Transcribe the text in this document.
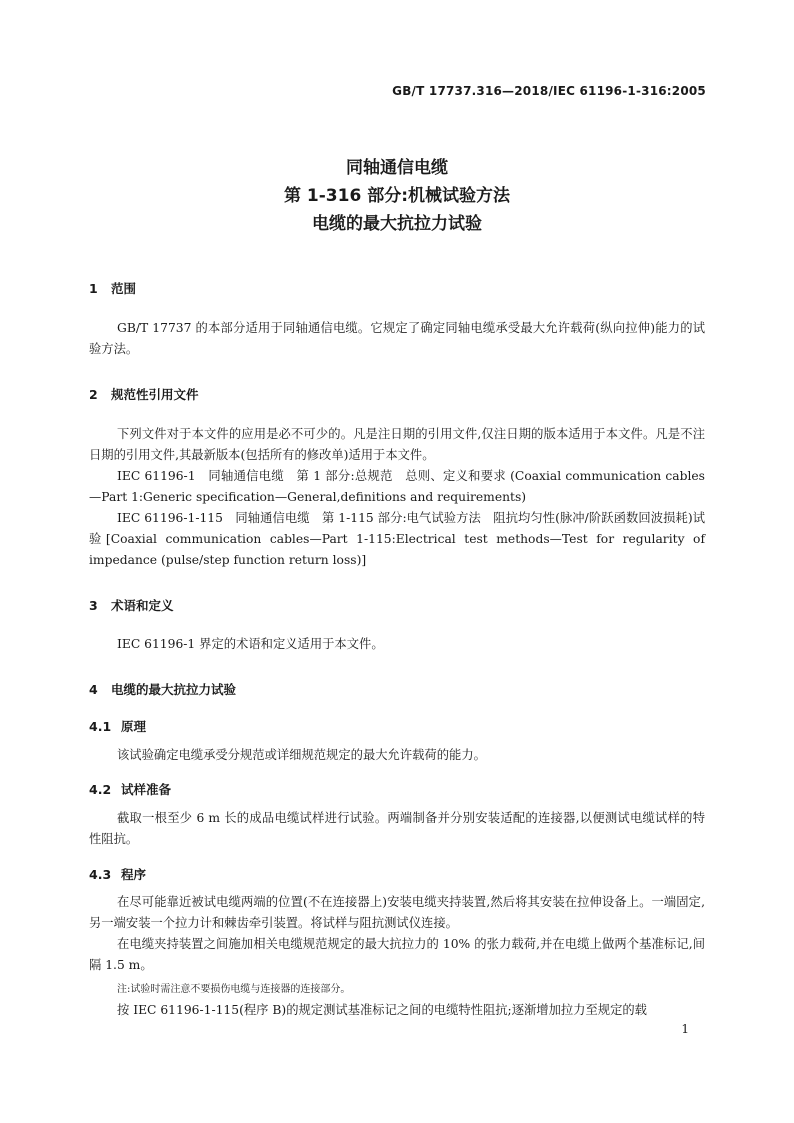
GB/T 17737.316—2018/IEC 61196-1-316:2005
同轴通信电缆
第 1-316 部分:机械试验方法
电缆的最大抗拉力试验
1 范围
GB/T 17737 的本部分适用于同轴通信电缆。它规定了确定同轴电缆承受最大允许载荷(纵向拉伸)能力的试验方法。
2 规范性引用文件
下列文件对于本文件的应用是必不可少的。凡是注日期的引用文件,仅注日期的版本适用于本文件。凡是不注日期的引用文件,其最新版本(包括所有的修改单)适用于本文件。
IEC 61196-1　同轴通信电缆　第 1 部分:总规范　总则、定义和要求 (Coaxial communication cables—Part 1:Generic specification—General,definitions and requirements)
IEC 61196-1-115　同轴通信电缆　第 1-115 部分:电气试验方法　阻抗均匀性(脉冲/阶跃函数回波损耗)试验[Coaxial communication cables—Part 1-115:Electrical test methods—Test for regularity of impedance (pulse/step function return loss)]
3 术语和定义
IEC 61196-1 界定的术语和定义适用于本文件。
4 电缆的最大抗拉力试验
4.1 原理
该试验确定电缆承受分规范或详细规范规定的最大允许载荷的能力。
4.2 试样准备
截取一根至少 6 m 长的成品电缆试样进行试验。两端制备并分别安装适配的连接器,以便测试电缆试样的特性阻抗。
4.3 程序
在尽可能靠近被试电缆两端的位置(不在连接器上)安装电缆夹持装置,然后将其安装在拉伸设备上。一端固定,另一端安装一个拉力计和棘齿牵引装置。将试样与阻抗测试仪连接。
在电缆夹持装置之间施加相关电缆规范规定的最大抗拉力的 10% 的张力载荷,并在电缆上做两个基准标记,间隔 1.5 m。
注:试验时需注意不要损伤电缆与连接器的连接部分。
按 IEC 61196-1-115(程序 B)的规定测试基准标记之间的电缆特性阻抗;逐渐增加拉力至规定的载
1
